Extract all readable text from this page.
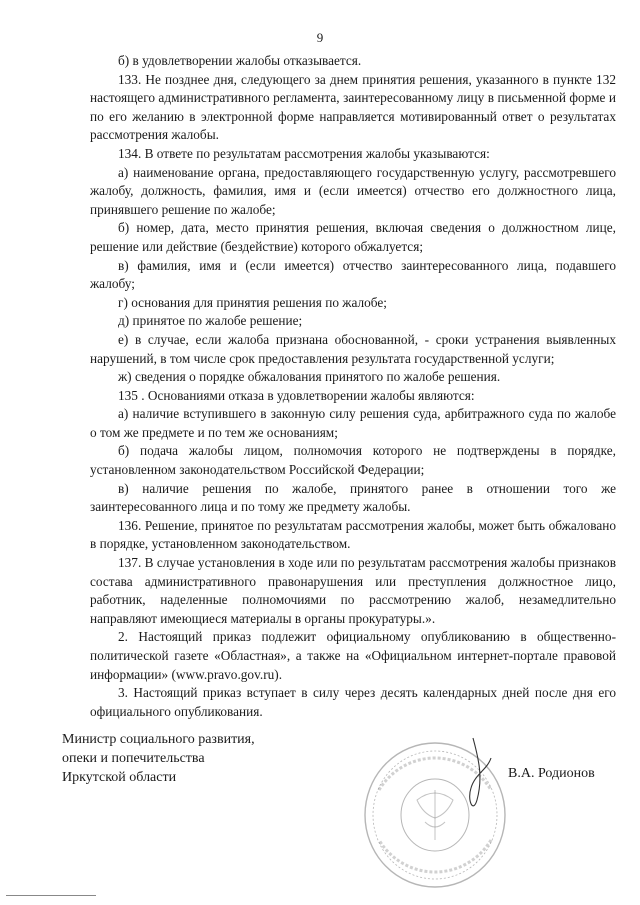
9

б) в удовлетворении жалобы отказывается.

133. Не позднее дня, следующего за днем принятия решения, указанного в пункте 132 настоящего административного регламента, заинтересованному лицу в письменной форме и по его желанию в электронной форме направляется мотивированный ответ о результатах рассмотрения жалобы.

134. В ответе по результатам рассмотрения жалобы указываются:

а) наименование органа, предоставляющего государственную услугу, рассмотревшего жалобу, должность, фамилия, имя и (если имеется) отчество его должностного лица, принявшего решение по жалобе;

б) номер, дата, место принятия решения, включая сведения о должностном лице, решение или действие (бездействие) которого обжалуется;

в) фамилия, имя и (если имеется) отчество заинтересованного лица, подавшего жалобу;

г) основания для принятия решения по жалобе;

д) принятое по жалобе решение;

е) в случае, если жалоба признана обоснованной, - сроки устранения выявленных нарушений, в том числе срок предоставления результата государственной услуги;

ж) сведения о порядке обжалования принятого по жалобе решения.

135 . Основаниями отказа в удовлетворении жалобы являются:

а) наличие вступившего в законную силу решения суда, арбитражного суда по жалобе о том же предмете и по тем же основаниям;

б) подача жалобы лицом, полномочия которого не подтверждены в порядке, установленном законодательством Российской Федерации;

в) наличие решения по жалобе, принятого ранее в отношении того же заинтересованного лица и по тому же предмету жалобы.

136. Решение, принятое по результатам рассмотрения жалобы, может быть обжаловано в порядке, установленном законодательством.

137. В случае установления в ходе или по результатам рассмотрения жалобы признаков состава административного правонарушения или преступления должностное лицо, работник, наделенные полномочиями по рассмотрению жалоб, незамедлительно направляют имеющиеся материалы в органы прокуратуры.».

2. Настоящий приказ подлежит официальному опубликованию в общественно-политической газете «Областная», а также на «Официальном интернет-портале правовой информации» (www.pravo.gov.ru).

3. Настоящий приказ вступает в силу через десять календарных дней после дня его официального опубликования.

Министр социального развития,
опеки и попечительства
Иркутской области	В.А. Родионов
